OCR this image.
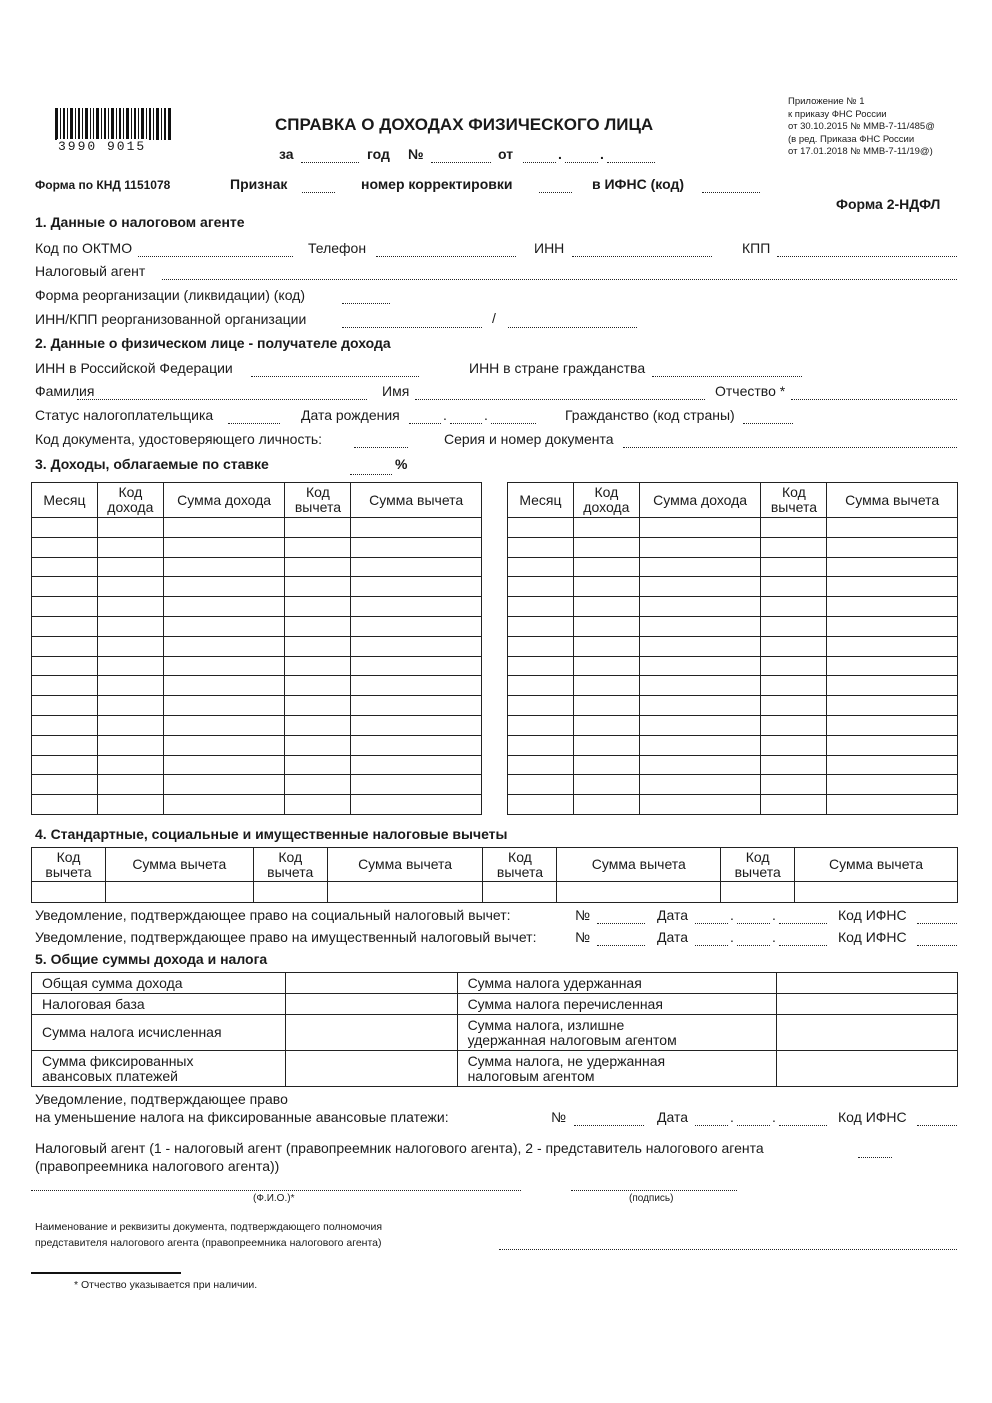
3990 9015
Приложение № 1
к приказу ФНС России
от 30.10.2015 № ММВ-7-11/485@
(в ред. Приказа ФНС России
от 17.01.2018 № ММВ-7-11/19@)
СПРАВКА О ДОХОДАХ ФИЗИЧЕСКОГО ЛИЦА
за	год №	от	.	.
Форма по КНД 1151078	Признак	номер корректировки	в ИФНС (код)
Форма 2-НДФЛ
1. Данные о налоговом агенте
Код по ОКТМО	Телефон	ИНН	КПП
Налоговый агент
Форма реорганизации (ликвидации) (код)
ИНН/КПП реорганизованной организации	/
2. Данные о физическом лице - получателе дохода
ИНН в Российской Федерации	ИНН в стране гражданства
Фамилия	Имя	Отчество *
Статус налогоплательщика	Дата рождения	.	.	Гражданство (код страны)
Код документа, удостоверяющего личность:	Серия и номер документа
3. Доходы, облагаемые по ставке	%
Месяц	Код дохода	Сумма дохода	Код вычета	Сумма вычета

					Месяц	Код дохода	Сумма дохода	Код вычета	Сумма вычета

4. Стандартные, социальные и имущественные налоговые вычеты
Код вычета	Сумма вычета	Код вычета	Сумма вычета	Код вычета	Сумма вычета	Код вычета	Сумма вычета

Уведомление, подтверждающее право на социальный налоговый вычет:	№	Дата	.	.	Код ИФНС
Уведомление, подтверждающее право на имущественный налоговый вычет:	№	Дата	.	.	Код ИФНС
5. Общие суммы дохода и налога
Общая сумма дохода		Сумма налога удержанная	
Налоговая база		Сумма налога перечисленная	
Сумма налога исчисленная		Сумма налога, излишне удержанная налоговым агентом	
Сумма фиксированных авансовых платежей		Сумма налога, не удержанная налоговым агентом	
Уведомление, подтверждающее право
на уменьшение налога на фиксированные авансовые платежи:	№	Дата	.	.	Код ИФНС
Налоговый агент (1 - налоговый агент (правопреемник налогового агента), 2 - представитель налогового агента
(правопреемника налогового агента))
(Ф.И.О.)*	(подпись)
Наименование и реквизиты документа, подтверждающего полномочия
представителя налогового агента (правопреемника налогового агента)
* Отчество указывается при наличии.
